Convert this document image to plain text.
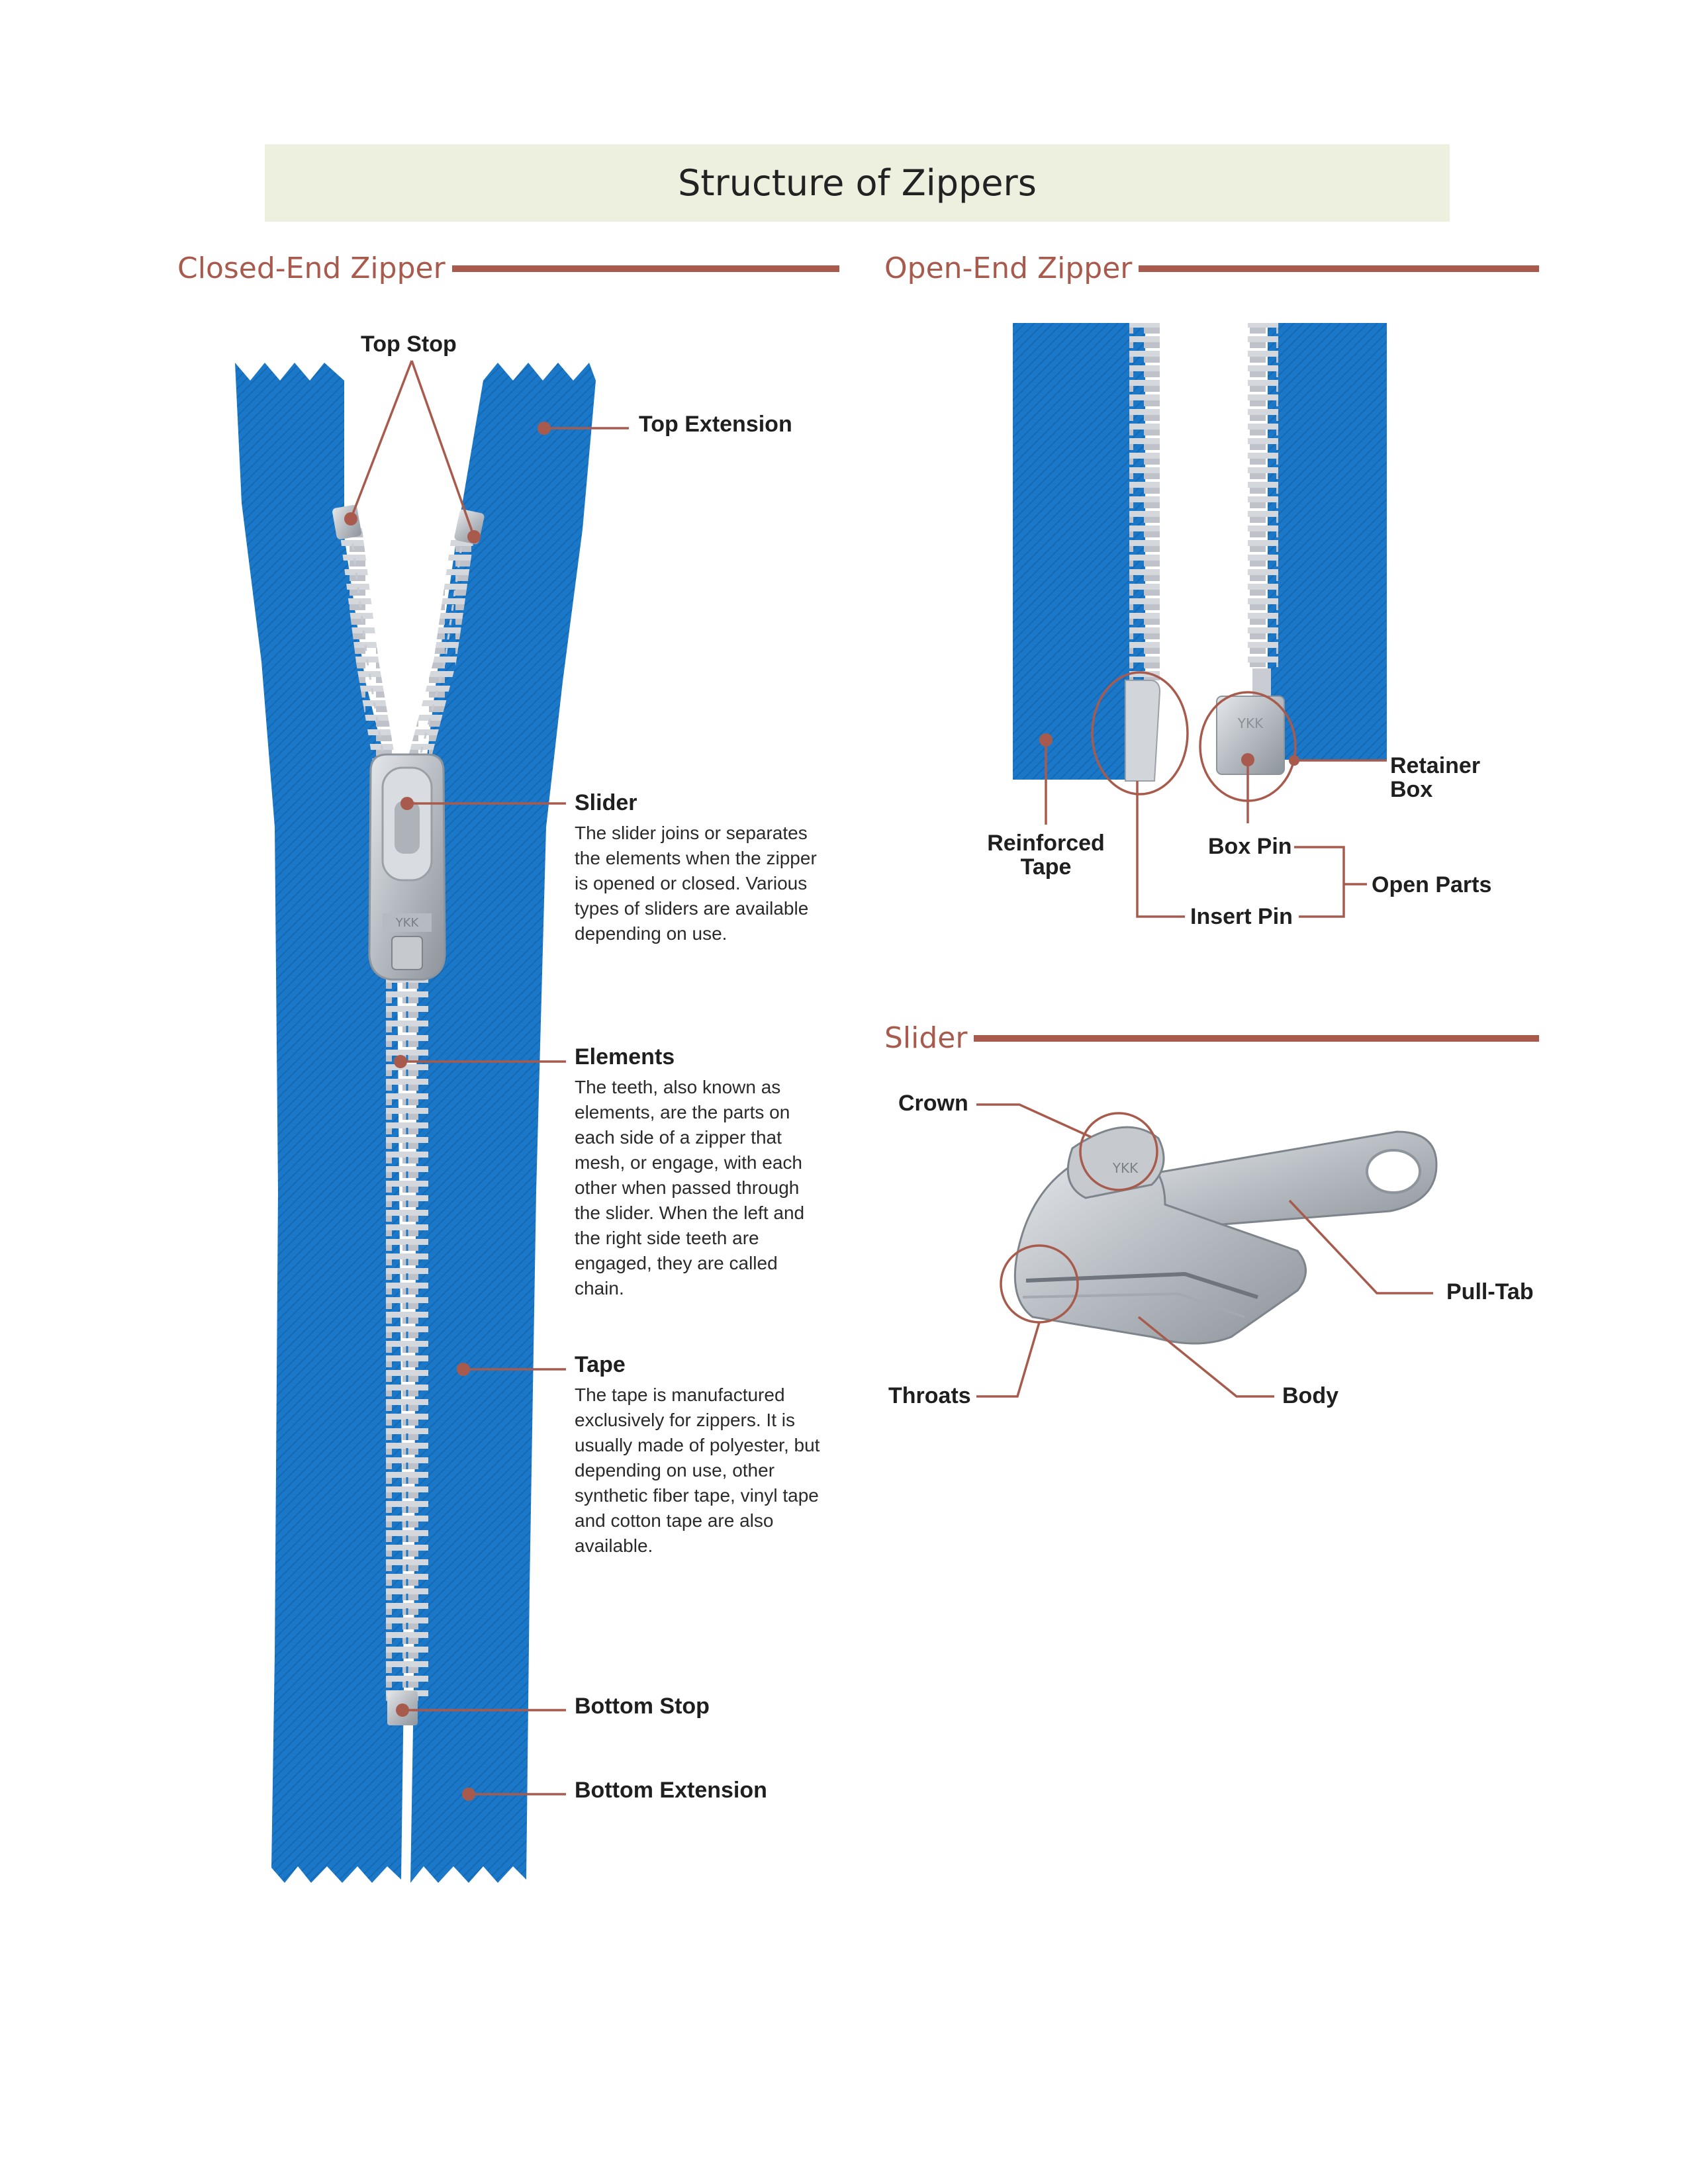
YKK
YKK
YKK
Structure of Zippers
Closed-End Zipper	Open-End Zipper
Slider
Top Stop
Top Extension
Slider
The slider joins or separates the elements when the zipper is opened or closed. Various types of sliders are available depending on use.
Elements
The teeth, also known as elements, are the parts on each side of a zipper that mesh, or engage, with each other when passed through the slider. When the left and the right side teeth are engaged, they are called chain.
Tape
The tape is manufactured exclusively for zippers. It is usually made of polyester, but depending on use, other synthetic fiber tape, vinyl tape and cotton tape are also available.
Bottom Stop
Bottom Extension
Retainer Box
Reinforced Tape
Box Pin
Insert Pin
Open Parts
Crown
Pull-Tab
Throats	Body
